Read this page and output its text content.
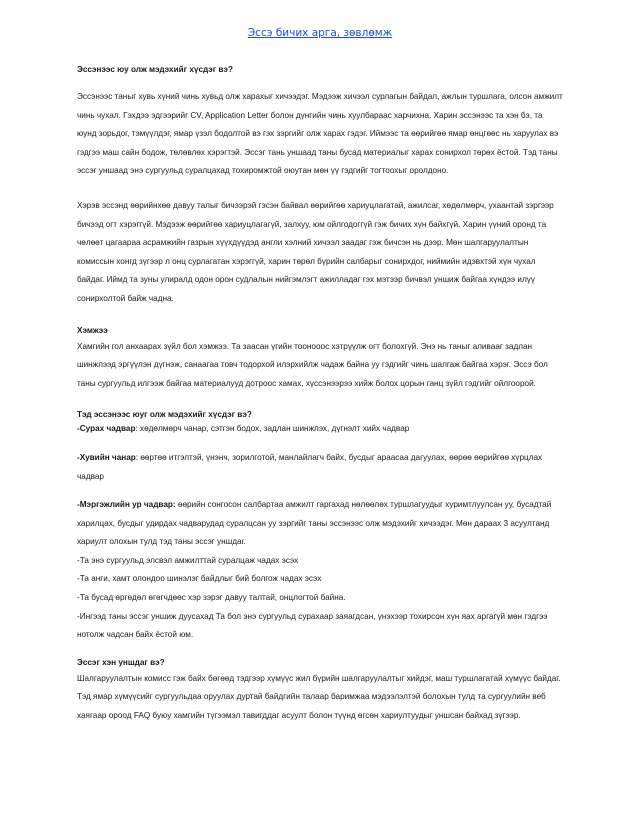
Эссэ бичих арга, зөвлөмж

Эссэнээс юу олж мэдэхийг хүсдэг вэ?

Эссэнээс таныг хувь хүний чинь хувьд олж харахыг хичээдэг. Мэдээж хичээл сурлагын байдал, ажлын туршлага, олсон амжилт чинь чухал. Гэхдээ эдгээрийг CV, Application Letter болон дүнгийн чинь хуулбараас харчихна. Харин эссэнээс та хэн бэ, та юунд зорьдог, тэмүүлдэг, ямар үзэл бодолтой вэ гэх зэргийг олж харах гэдэг. Иймээс та өөрийгөө ямар өнцгөөс нь харуулах вэ гэдгээ маш сайн бодож, төлөвлөх хэрэгтэй. Эссэг тань уншаад таны бусад материалыг харах сонирхол төрөх ёстой. Тэд таны эссэг уншаад энэ сургуульд суралцахад тохиромжтой оюутан мөн үү гэдгийг тогтоохыг оролдоно.

Хэрэв эссэнд өөрийнхөө давуу талыг бичээрэй гэсэн байвал өөрийгөө хариуцлагатай, ажилсаг, хөдөлмөрч, ухаантай зэргээр бичээд огт хэрэггүй. Мэдээж өөрийгөө хариуцлагагүй, залхуу, юм ойлгодоггүй гэж бичих хүн байхгүй. Харин үүний оронд та чөлөөт цагаараа асрамжийн газрын хүүхдүүдэд англи хэлний хичээл заадаг гэж бичсэн нь дээр. Мөн шалгаруулалтын комиссын хонгд зүгээр л онц сурлагатан хэрэггүй, харин төрөл бүрийн салбарыг сонирхдог, ниймийн идэвхтэй хүн чухал байдаг. Иймд та зуны улиралд одон орон судлалын нийгэмлэгт ажилладаг гэх мэтээр бичвэл уншиж байгаа хүндээ илүү сонирхолтой байж чадна.

Хэмжээ

Хамгийн гол анхаарах зүйл бол хэмжээ. Та заасан үгийн тоонооос хэтрүүлж огт болохгүй. Энэ нь таныг аливааг задлан шинжлээд эргүүлэн дүгнэж, санаагаа товч тодорхой илэрхийлж чадаж байна уу гэдгийг чинь шалгаж байгаа хэрэг. Эссэ бол таны сургуульд илгээж байгаа материалууд дотроос хамаx, хүссэнээрээ хийж болох цорын ганц зүйл гэдгийг ойлгоорой.

Тэд эссэнээс юуг олж мэдэхийг хүсдэг вэ?

-Сурах чадвар: хөдөлмөрч чанар, сэтгэн бодох, задлан шинжлэх, дүгнэлт хийх чадвар

-Хувийн чанар: өөртөө итгэлтэй, үнэнч, зорилготой, манлайлагч байх, бусдыг араасаа дагуулах, өөрөө өөрийгөө хүрцлах чадвар

-Мэргэжлийн ур чадвар: өөрийн сонгосон салбартаа амжилт гаргахад нөлөөлөх туршлагуудыг хуримтлуулсан уу, бусадтай харилцах, бусдыг удирдах чадварудад суралцсан уу зэргийг таны эссэнээс олж мэдэхийг хичээдэг. Мөн дараах 3 асуултанд хариулт олохын тулд тэд таны эссэг уншдаг.

-Та энэ сургуульд элсвэл амжилттай суралцаж чадах эсэх

-Та анги, хамт олондоо шинэлэг байдлыг бий болгож чадах эсэх

-Та бусад өргөдөл өгөгчдөөс хэр зэрэг давуу талтай, онцлогтой байна.

-Ингээд таны эссэг уншиж дуусахад Та бол энэ сургуульд сурахаар заяагдсан, үнэхээр тохирсон хүн яах аргагүй мөн гэдгээ нотолж чадсан байх ёстой юм.

Эссэг хэн уншдаг вэ?

Шалгаруулалтын комисс гэж байх бөгөөд тэдгээр хүмүүс жил бүрийн шалгаруулалтыг хийдэг, маш туршлагатай хүмүүс байдаг. Тэд ямар хүмүүсийг сургуульдаа оруулах дуртай байдгийн талаар баримжаа мэдээлэлтэй болохын тулд та сургуулийн веб хаягаар ороод FAQ буюу хамгийн түгээмэл тавигддаг асуулт болон түүнд өгсөн хариултуудыг уншсан байхад зүгээр.
